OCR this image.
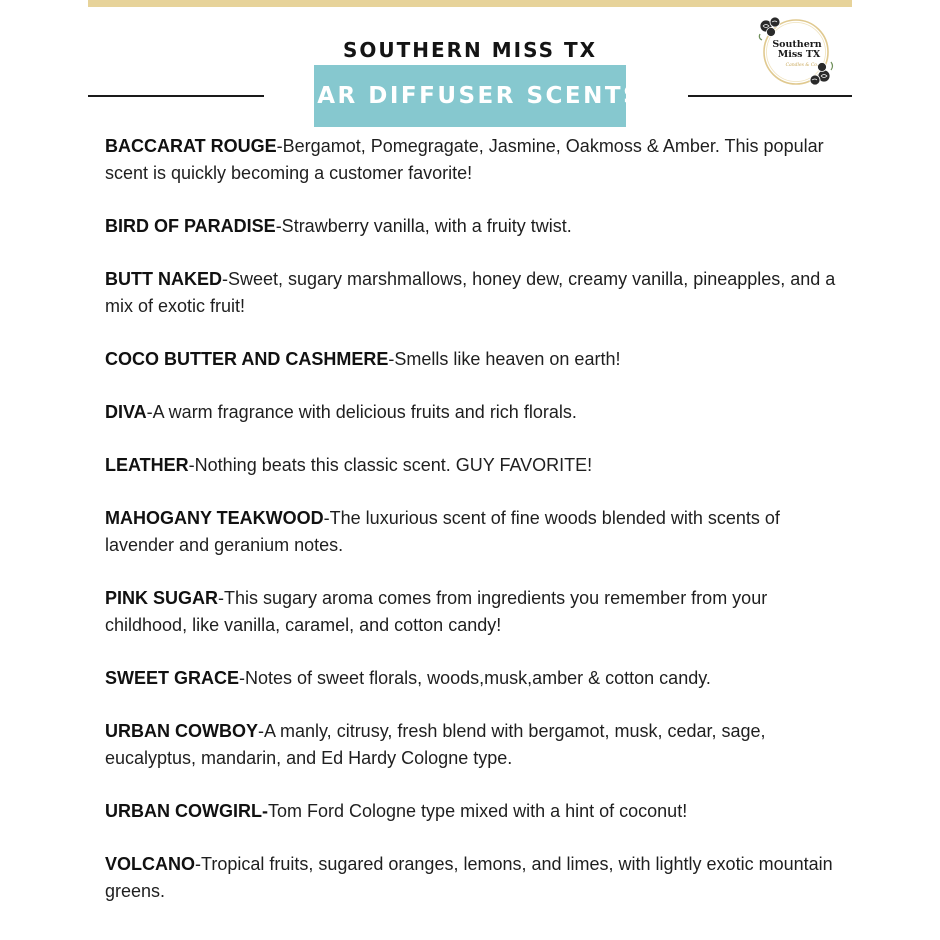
Southern
Miss TX
Candles & Co.
SOUTHERN MISS TX
CAR DIFFUSER SCENTS
BACCARAT ROUGE-Bergamot, Pomegragate, Jasmine, Oakmoss & Amber. This popular scent is quickly becoming a customer favorite!
BIRD OF PARADISE-Strawberry vanilla, with a fruity twist.
BUTT NAKED-Sweet, sugary marshmallows, honey dew, creamy vanilla, pineapples, and a mix of exotic fruit!
COCO BUTTER AND CASHMERE-Smells like heaven on earth!
DIVA-A warm fragrance with delicious fruits and rich florals.
LEATHER-Nothing beats this classic scent. GUY FAVORITE!
MAHOGANY TEAKWOOD-The luxurious scent of fine woods blended with scents of lavender and geranium notes.
PINK SUGAR-This sugary aroma comes from ingredients you remember from your childhood, like vanilla, caramel, and cotton candy!
SWEET GRACE-Notes of sweet florals, woods,musk,amber & cotton candy.
URBAN COWBOY-A manly, citrusy, fresh blend with bergamot, musk, cedar, sage, eucalyptus, mandarin, and Ed Hardy Cologne type.
URBAN COWGIRL-Tom Ford Cologne type mixed with a hint of coconut!
VOLCANO-Tropical fruits, sugared oranges, lemons, and limes, with lightly exotic mountain greens.
